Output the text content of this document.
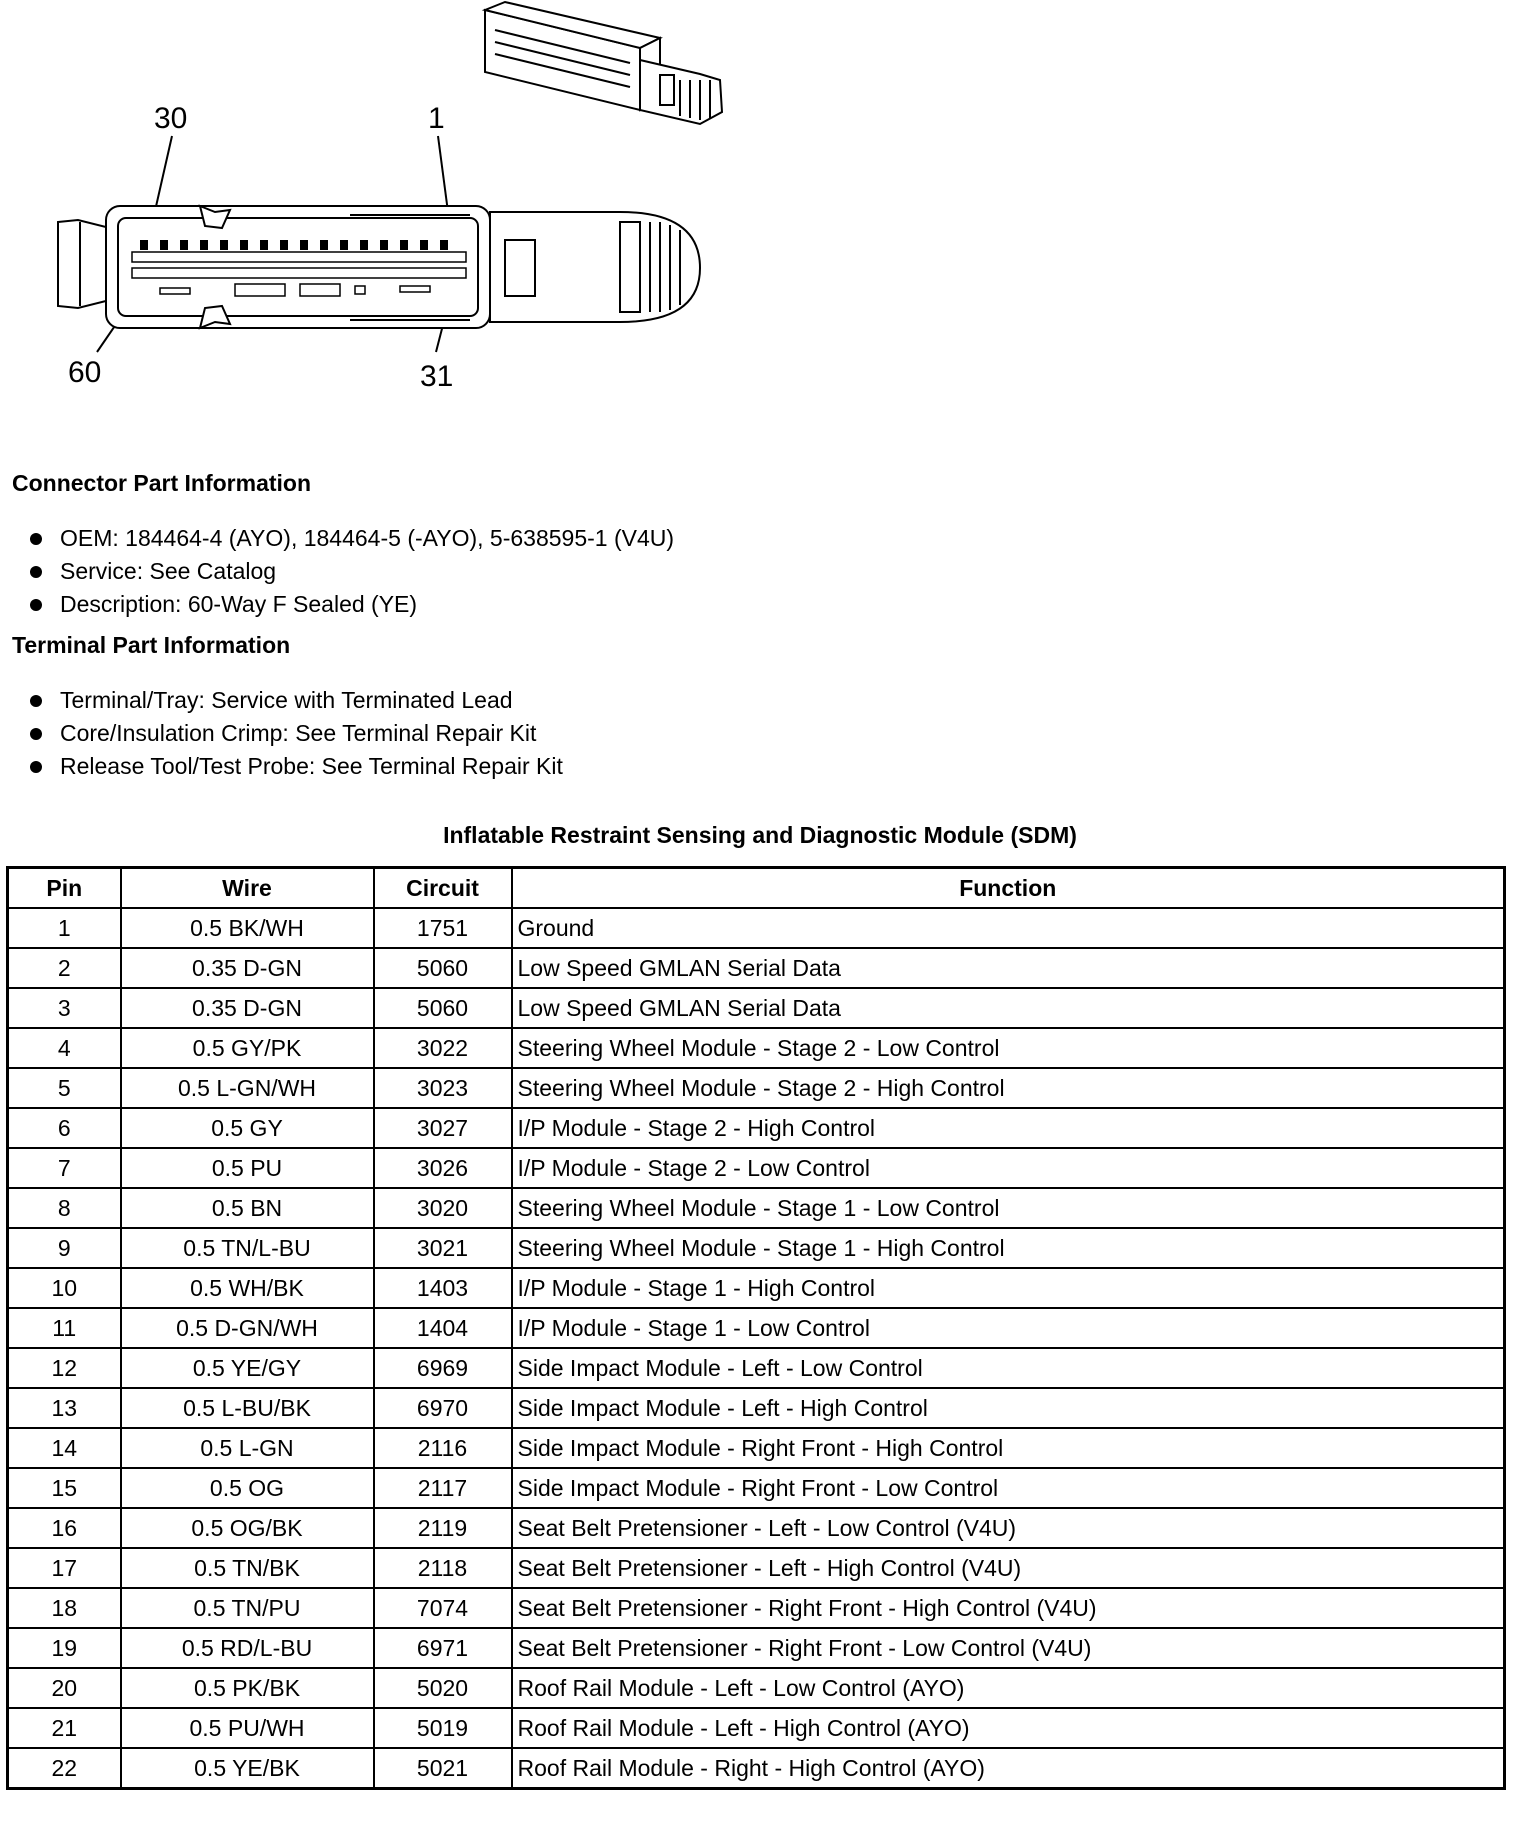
30	1
60	31
Connector Part Information
OEM: 184464-4 (AYO), 184464-5 (-AYO), 5-638595-1 (V4U)
Service: See Catalog
Description: 60-Way F Sealed (YE)
Terminal Part Information
Terminal/Tray: Service with Terminated Lead
Core/Insulation Crimp: See Terminal Repair Kit
Release Tool/Test Probe: See Terminal Repair Kit
Inflatable Restraint Sensing and Diagnostic Module (SDM)
Pin	Wire	Circuit	Function
1	0.5 BK/WH	1751	Ground
2	0.35 D-GN	5060	Low Speed GMLAN Serial Data
3	0.35 D-GN	5060	Low Speed GMLAN Serial Data
4	0.5 GY/PK	3022	Steering Wheel Module - Stage 2 - Low Control
5	0.5 L-GN/WH	3023	Steering Wheel Module - Stage 2 - High Control
6	0.5 GY	3027	I/P Module - Stage 2 - High Control
7	0.5 PU	3026	I/P Module - Stage 2 - Low Control
8	0.5 BN	3020	Steering Wheel Module - Stage 1 - Low Control
9	0.5 TN/L-BU	3021	Steering Wheel Module - Stage 1 - High Control
10	0.5 WH/BK	1403	I/P Module - Stage 1 - High Control
11	0.5 D-GN/WH	1404	I/P Module - Stage 1 - Low Control
12	0.5 YE/GY	6969	Side Impact Module - Left - Low Control
13	0.5 L-BU/BK	6970	Side Impact Module - Left - High Control
14	0.5 L-GN	2116	Side Impact Module - Right Front - High Control
15	0.5 OG	2117	Side Impact Module - Right Front - Low Control
16	0.5 OG/BK	2119	Seat Belt Pretensioner - Left - Low Control (V4U)
17	0.5 TN/BK	2118	Seat Belt Pretensioner - Left - High Control (V4U)
18	0.5 TN/PU	7074	Seat Belt Pretensioner - Right Front - High Control (V4U)
19	0.5 RD/L-BU	6971	Seat Belt Pretensioner - Right Front - Low Control (V4U)
20	0.5 PK/BK	5020	Roof Rail Module - Left - Low Control (AYO)
21	0.5 PU/WH	5019	Roof Rail Module - Left - High Control (AYO)
22	0.5 YE/BK	5021	Roof Rail Module - Right - High Control (AYO)
